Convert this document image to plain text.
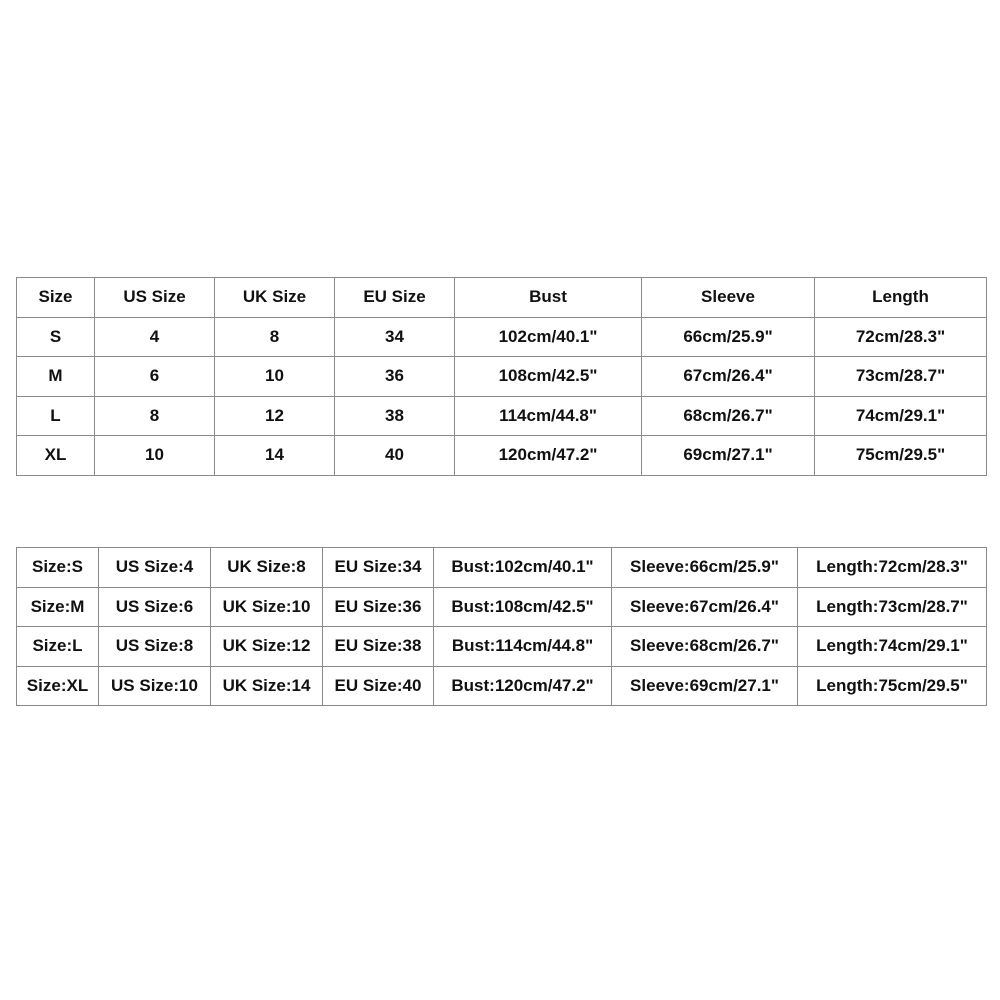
Size	US Size	UK Size	EU Size	Bust	Sleeve	Length
S	4	8	34	102cm/40.1"	66cm/25.9"	72cm/28.3"
M	6	10	36	108cm/42.5"	67cm/26.4"	73cm/28.7"
L	8	12	38	114cm/44.8"	68cm/26.7"	74cm/29.1"
XL	10	14	40	120cm/47.2"	69cm/27.1"	75cm/29.5"
Size:S	US Size:4	UK Size:8	EU Size:34	Bust:102cm/40.1"	Sleeve:66cm/25.9"	Length:72cm/28.3"
Size:M	US Size:6	UK Size:10	EU Size:36	Bust:108cm/42.5"	Sleeve:67cm/26.4"	Length:73cm/28.7"
Size:L	US Size:8	UK Size:12	EU Size:38	Bust:114cm/44.8"	Sleeve:68cm/26.7"	Length:74cm/29.1"
Size:XL	US Size:10	UK Size:14	EU Size:40	Bust:120cm/47.2"	Sleeve:69cm/27.1"	Length:75cm/29.5"
